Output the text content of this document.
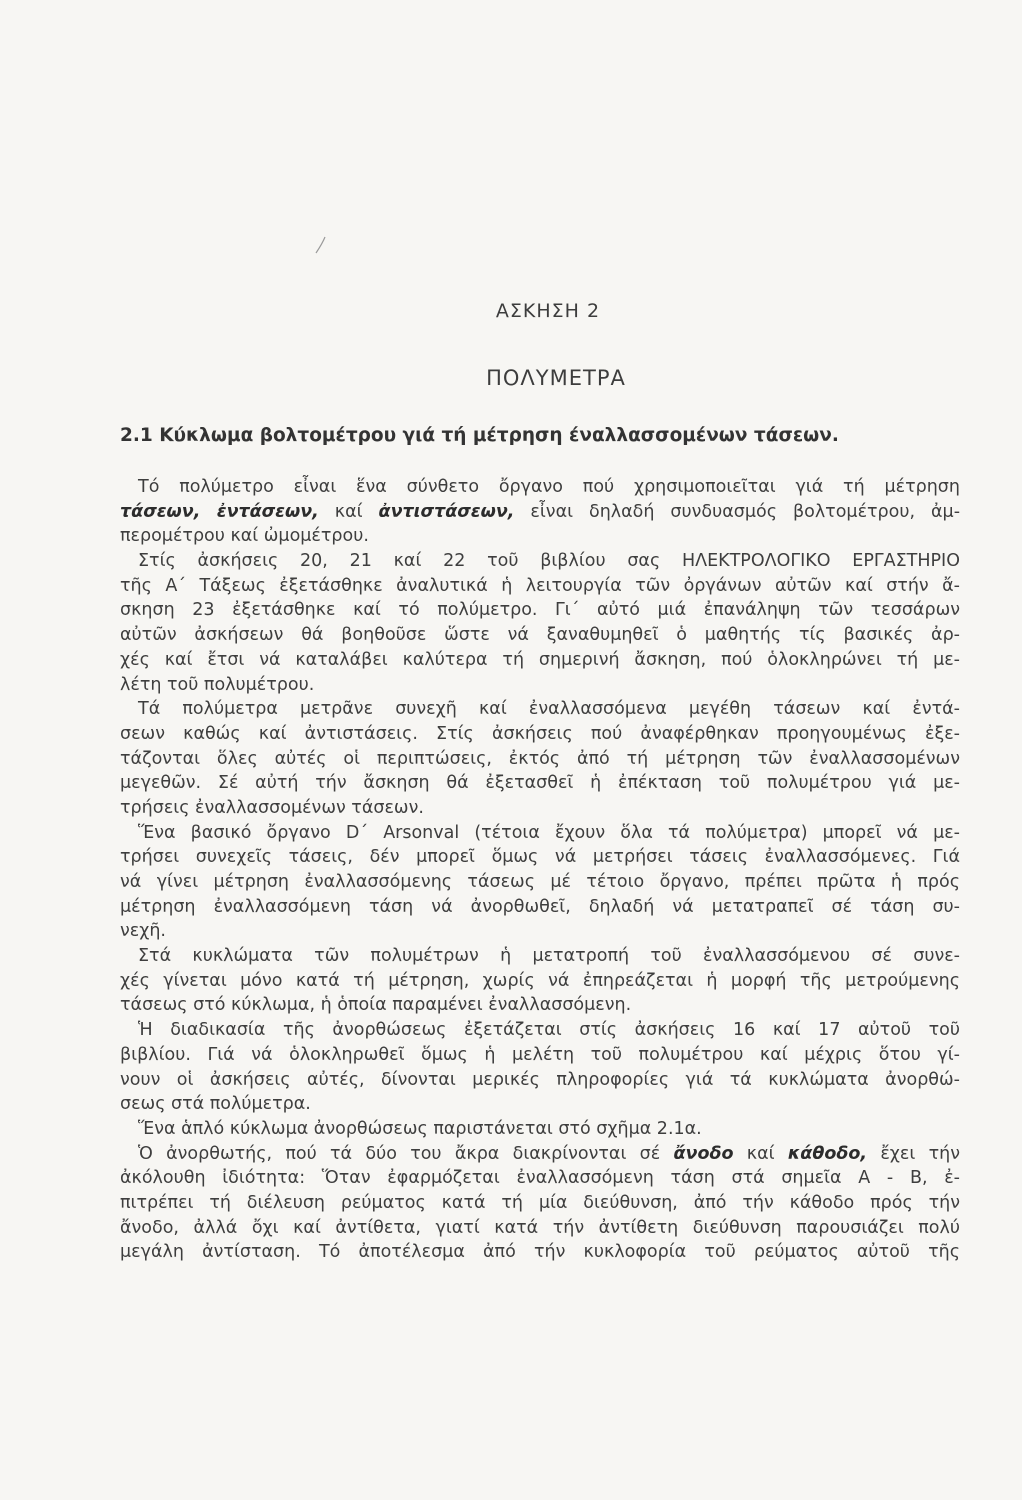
ΑΣΚΗΣΗ 2
ΠΟΛΥΜΕΤΡΑ
2.1 Κύκλωμα βολτομέτρου γιά τή μέτρηση έναλλασσομένων τάσεων.
Τό πολύμετρο εἶναι ἕνα σύνθετο ὄργανο πού χρησιμοποιεῖται γιά τή μέτρηση
τάσεων, ἐντάσεων, καί ἀντιστάσεων, εἶναι δηλαδή συνδυασμός βολτομέτρου, ἀμ-
περομέτρου καί ὠμομέτρου.
Στίς ἀσκήσεις 20, 21 καί 22 τοῦ βιβλίου σας ΗΛΕΚΤΡΟΛΟΓΙΚΟ ΕΡΓΑΣΤΗΡΙΟ
τῆς Α΄ Τάξεως ἐξετάσθηκε ἀναλυτικά ἡ λειτουργία τῶν ὀργάνων αὐτῶν καί στήν ἄ-
σκηση 23 ἐξετάσθηκε καί τό πολύμετρο. Γι΄ αὐτό μιά ἐπανάληψη τῶν τεσσάρων
αὐτῶν ἀσκήσεων θά βοηθοῦσε ὥστε νά ξαναθυμηθεῖ ὁ μαθητής τίς βασικές ἀρ-
χές καί ἔτσι νά καταλάβει καλύτερα τή σημερινή ἄσκηση, πού ὁλοκληρώνει τή με-
λέτη τοῦ πολυμέτρου.
Τά πολύμετρα μετρᾶνε συνεχῆ καί ἐναλλασσόμενα μεγέθη τάσεων καί ἐντά-
σεων καθώς καί ἀντιστάσεις. Στίς ἀσκήσεις πού ἀναφέρθηκαν προηγουμένως ἐξε-
τάζονται ὅλες αὐτές οἱ περιπτώσεις, ἐκτός ἀπό τή μέτρηση τῶν ἐναλλασσομένων
μεγεθῶν. Σέ αὐτή τήν ἄσκηση θά ἐξετασθεῖ ἡ ἐπέκταση τοῦ πολυμέτρου γιά με-
τρήσεις ἐναλλασσομένων τάσεων.
Ἕνα βασικό ὄργανο D΄ Arsonval (τέτοια ἔχουν ὅλα τά πολύμετρα) μπορεῖ νά με-
τρήσει συνεχεῖς τάσεις, δέν μπορεῖ ὅμως νά μετρήσει τάσεις ἐναλλασσόμενες. Γιά
νά γίνει μέτρηση ἐναλλασσόμενης τάσεως μέ τέτοιο ὄργανο, πρέπει πρῶτα ἡ πρός
μέτρηση ἐναλλασσόμενη τάση νά ἀνορθωθεῖ, δηλαδή νά μετατραπεῖ σέ τάση συ-
νεχῆ.
Στά κυκλώματα τῶν πολυμέτρων ἡ μετατροπή τοῦ ἐναλλασσόμενου σέ συνε-
χές γίνεται μόνο κατά τή μέτρηση, χωρίς νά ἐπηρεάζεται ἡ μορφή τῆς μετρούμενης
τάσεως στό κύκλωμα, ἡ ὁποία παραμένει ἐναλλασσόμενη.
Ἡ διαδικασία τῆς ἀνορθώσεως ἐξετάζεται στίς ἀσκήσεις 16 καί 17 αὐτοῦ τοῦ
βιβλίου. Γιά νά ὁλοκληρωθεῖ ὅμως ἡ μελέτη τοῦ πολυμέτρου καί μέχρις ὅτου γί-
νουν οἱ ἀσκήσεις αὐτές, δίνονται μερικές πληροφορίες γιά τά κυκλώματα ἀνορθώ-
σεως στά πολύμετρα.
Ἕνα ἁπλό κύκλωμα ἀνορθώσεως παριστάνεται στό σχῆμα 2.1α.
Ὁ ἀνορθωτής, πού τά δύο του ἄκρα διακρίνονται σέ ἄνοδο καί κάθοδο, ἔχει τήν
ἀκόλουθη ἰδιότητα: Ὅταν ἐφαρμόζεται ἐναλλασσόμενη τάση στά σημεῖα Α - Β, ἐ-
πιτρέπει τή διέλευση ρεύματος κατά τή μία διεύθυνση, ἀπό τήν κάθοδο πρός τήν
ἄνοδο, ἀλλά ὄχι καί ἀντίθετα, γιατί κατά τήν ἀντίθετη διεύθυνση παρουσιάζει πολύ
μεγάλη ἀντίσταση. Τό ἀποτέλεσμα ἀπό τήν κυκλοφορία τοῦ ρεύματος αὐτοῦ τῆς
